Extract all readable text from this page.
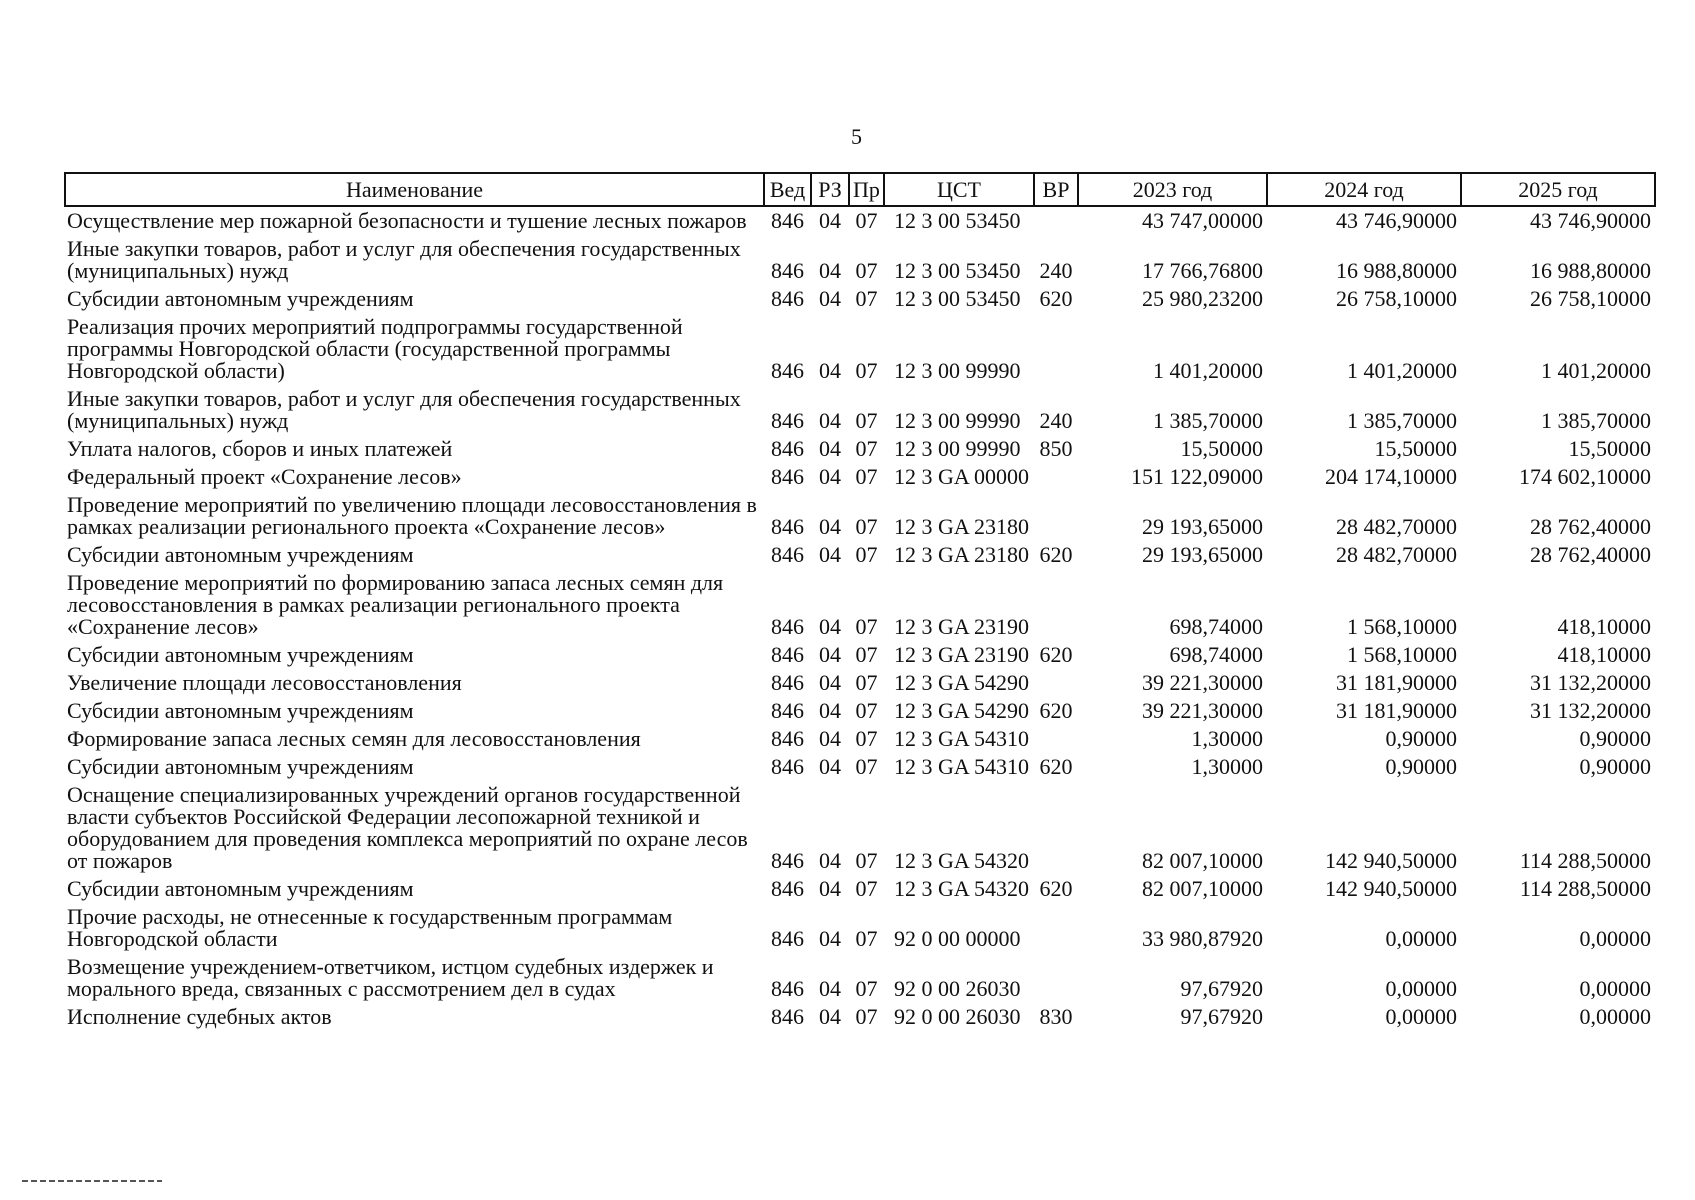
5
Наименование	Вед	РЗ	Пр	ЦСТ	ВР	2023 год	2024 год	2025 год
Осуществление мер пожарной безопасности и тушение лесных пожаров	846	04	07	12 3 00 53450		43 747,00000	43 746,90000	43 746,90000
Иные закупки товаров, работ и услуг для обеспечения государственных (муниципальных) нужд	846	04	07	12 3 00 53450	240	17 766,76800	16 988,80000	16 988,80000
Субсидии автономным учреждениям	846	04	07	12 3 00 53450	620	25 980,23200	26 758,10000	26 758,10000
Реализация прочих мероприятий подпрограммы государственной программы Новгородской области (государственной программы Новгородской области)	846	04	07	12 3 00 99990		1 401,20000	1 401,20000	1 401,20000
Иные закупки товаров, работ и услуг для обеспечения государственных (муниципальных) нужд	846	04	07	12 3 00 99990	240	1 385,70000	1 385,70000	1 385,70000
Уплата налогов, сборов и иных платежей	846	04	07	12 3 00 99990	850	15,50000	15,50000	15,50000
Федеральный проект «Сохранение лесов»	846	04	07	12 3 GA 00000		151 122,09000	204 174,10000	174 602,10000
Проведение мероприятий по увеличению площади лесовосстановления в рамках реализации регионального проекта «Сохранение лесов»	846	04	07	12 3 GA 23180		29 193,65000	28 482,70000	28 762,40000
Субсидии автономным учреждениям	846	04	07	12 3 GA 23180	620	29 193,65000	28 482,70000	28 762,40000
Проведение мероприятий по формированию запаса лесных семян для лесовосстановления в рамках реализации регионального проекта «Сохранение лесов»	846	04	07	12 3 GA 23190		698,74000	1 568,10000	418,10000
Субсидии автономным учреждениям	846	04	07	12 3 GA 23190	620	698,74000	1 568,10000	418,10000
Увеличение площади лесовосстановления	846	04	07	12 3 GA 54290		39 221,30000	31 181,90000	31 132,20000
Субсидии автономным учреждениям	846	04	07	12 3 GA 54290	620	39 221,30000	31 181,90000	31 132,20000
Формирование запаса лесных семян для лесовосстановления	846	04	07	12 3 GA 54310		1,30000	0,90000	0,90000
Субсидии автономным учреждениям	846	04	07	12 3 GA 54310	620	1,30000	0,90000	0,90000
Оснащение специализированных учреждений органов государственной власти субъектов Российской Федерации лесопожарной техникой и оборудованием для проведения комплекса мероприятий по охране лесов от пожаров	846	04	07	12 3 GA 54320		82 007,10000	142 940,50000	114 288,50000
Субсидии автономным учреждениям	846	04	07	12 3 GA 54320	620	82 007,10000	142 940,50000	114 288,50000
Прочие расходы, не отнесенные к государственным программам Новгородской области	846	04	07	92 0 00 00000		33 980,87920	0,00000	0,00000
Возмещение учреждением-ответчиком, истцом судебных издержек и морального вреда, связанных с рассмотрением дел в судах	846	04	07	92 0 00 26030		97,67920	0,00000	0,00000
Исполнение судебных актов	846	04	07	92 0 00 26030	830	97,67920	0,00000	0,00000
